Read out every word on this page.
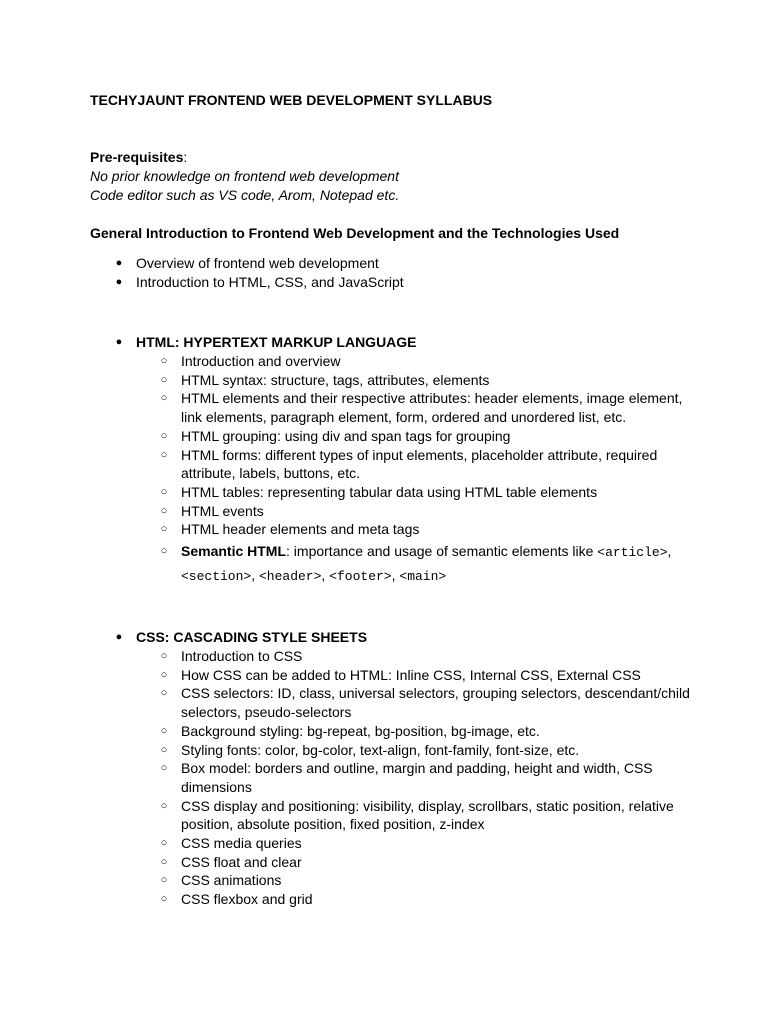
TECHYJAUNT FRONTEND WEB DEVELOPMENT SYLLABUS
Pre-requisites:
No prior knowledge on frontend web development
Code editor such as VS code, Arom, Notepad etc.
General Introduction to Frontend Web Development and the Technologies Used
● Overview of frontend web development
● Introduction to HTML, CSS, and JavaScript
● HTML: HYPERTEXT MARKUP LANGUAGE
○ Introduction and overview
○ HTML syntax: structure, tags, attributes, elements
○ HTML elements and their respective attributes: header elements, image element, link elements, paragraph element, form, ordered and unordered list, etc.
○ HTML grouping: using div and span tags for grouping
○ HTML forms: different types of input elements, placeholder attribute, required attribute, labels, buttons, etc.
○ HTML tables: representing tabular data using HTML table elements
○ HTML events
○ HTML header elements and meta tags
○ Semantic HTML: importance and usage of semantic elements like <article>,
<section>, <header>, <footer>, <main>
● CSS: CASCADING STYLE SHEETS
○ Introduction to CSS
○ How CSS can be added to HTML: Inline CSS, Internal CSS, External CSS
○ CSS selectors: ID, class, universal selectors, grouping selectors, descendant/child selectors, pseudo-selectors
○ Background styling: bg-repeat, bg-position, bg-image, etc.
○ Styling fonts: color, bg-color, text-align, font-family, font-size, etc.
○ Box model: borders and outline, margin and padding, height and width, CSS dimensions
○ CSS display and positioning: visibility, display, scrollbars, static position, relative position, absolute position, fixed position, z-index
○ CSS media queries
○ CSS float and clear
○ CSS animations
○ CSS flexbox and grid
